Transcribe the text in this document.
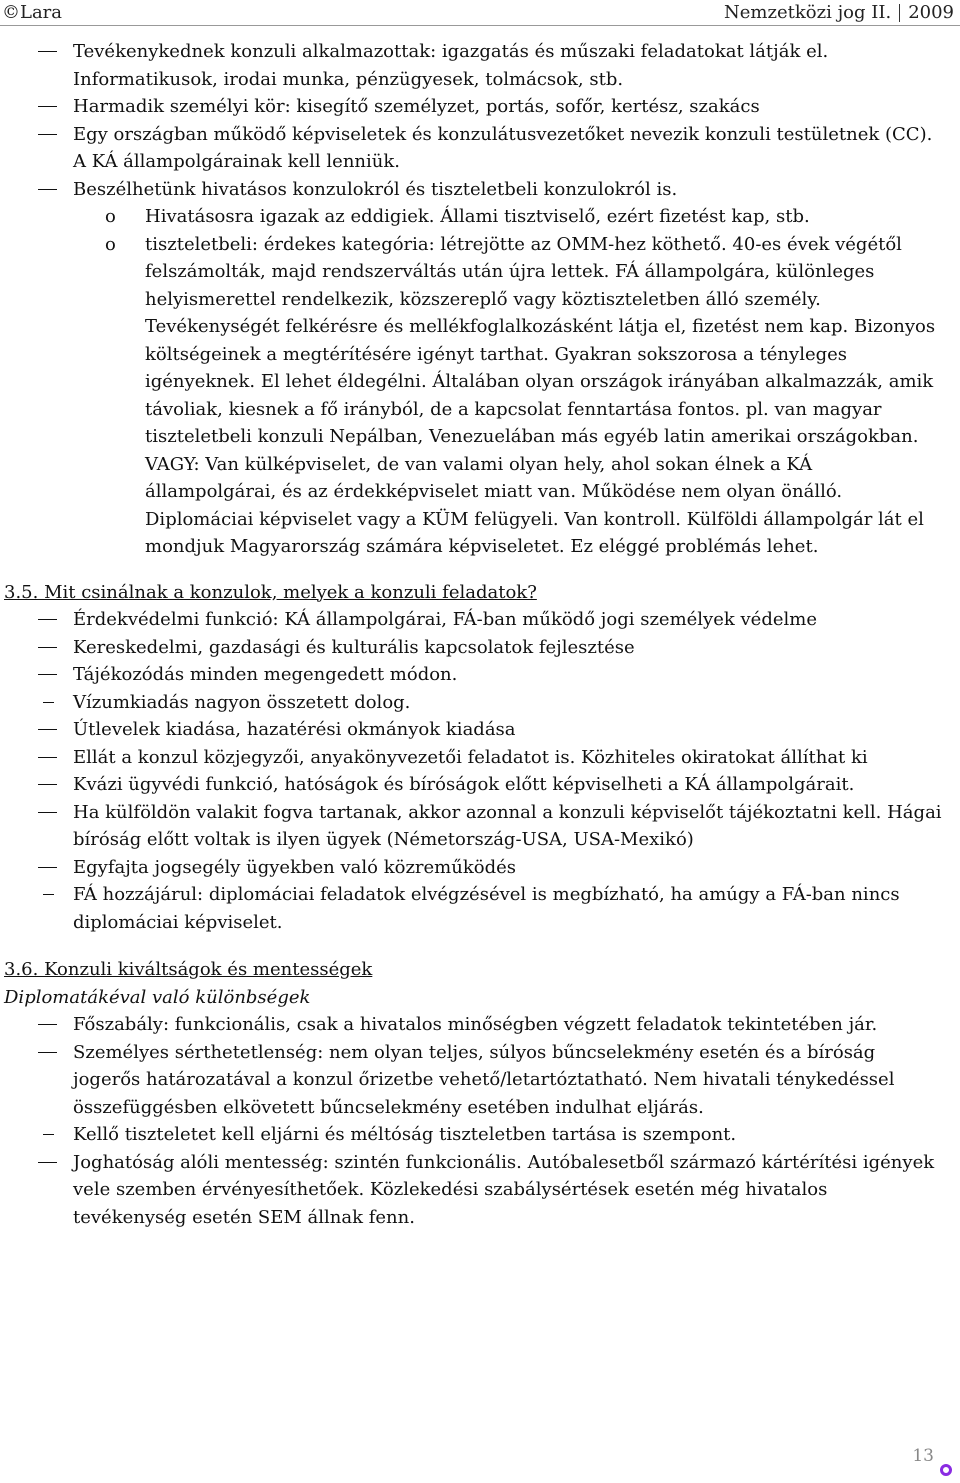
©Lara	Nemzetközi jog II. 2009
Tevékenykednek konzuli alkalmazottak: igazgatás és műszaki feladatokat látják el. Informatikusok, irodai munka, pénzügyesek, tolmácsok, stb.
Harmadik személyi kör: kisegítő személyzet, portás, sofőr, kertész, szakács
Egy országban működő képviseletek és konzulátusvezetőket nevezik konzuli testületnek (CC). A KÁ állampolgárainak kell lenniük.
Beszélhetünk hivatásos konzulokról és tiszteletbeli konzulokról is.
o Hivatásosra igazak az eddigiek. Állami tisztviselő, ezért fizetést kap, stb.
o tiszteletbeli: érdekes kategória: létrejötte az OMM-hez köthető. 40-es évek végétől felszámolták, majd rendszerváltás után újra lettek. FÁ állampolgára, különleges helyismerettel rendelkezik, közszereplő vagy köztiszteletben álló személy. Tevékenységét felkérésre és mellékfoglalkozásként látja el, fizetést nem kap. Bizonyos költségeinek a megtérítésére igényt tarthat. Gyakran sokszorosa a tényleges igényeknek. El lehet éldegélni. Általában olyan országok irányában alkalmazzák, amik távoliak, kiesnek a fő irányból, de a kapcsolat fenntartása fontos. pl. van magyar tiszteletbeli konzuli Nepálban, Venezuelában más egyéb latin amerikai országokban. VAGY: Van külképviselet, de van valami olyan hely, ahol sokan élnek a KÁ állampolgárai, és az érdekképviselet miatt van. Működése nem olyan önálló. Diplomáciai képviselet vagy a KÜM felügyeli. Van kontroll. Külföldi állampolgár lát el mondjuk Magyarország számára képviseletet. Ez eléggé problémás lehet.
3.5. Mit csinálnak a konzulok, melyek a konzuli feladatok?
Érdekvédelmi funkció: KÁ állampolgárai, FÁ-ban működő jogi személyek védelme
Kereskedelmi, gazdasági és kulturális kapcsolatok fejlesztése
Tájékozódás minden megengedett módon.
Vízumkiadás nagyon összetett dolog.
Útlevelek kiadása, hazatérési okmányok kiadása
Ellát a konzul közjegyzői, anyakönyvezetői feladatot is. Közhiteles okiratokat állíthat ki
Kvázi ügyvédi funkció, hatóságok és bíróságok előtt képviselheti a KÁ állampolgárait.
Ha külföldön valakit fogva tartanak, akkor azonnal a konzuli képviselőt tájékoztatni kell. Hágai bíróság előtt voltak is ilyen ügyek (Németország-USA, USA-Mexikó)
Egyfajta jogsegély ügyekben való közreműködés
FÁ hozzájárul: diplomáciai feladatok elvégzésével is megbízható, ha amúgy a FÁ-ban nincs diplomáciai képviselet.
3.6. Konzuli kiváltságok és mentességek
Diplomatákéval való különbségek
Főszabály: funkcionális, csak a hivatalos minőségben végzett feladatok tekintetében jár.
Személyes sérthetetlenség: nem olyan teljes, súlyos bűncselekmény esetén és a bíróság jogerős határozatával a konzul őrizetbe vehető/letartóztatható. Nem hivatali ténykedéssel összefüggésben elkövetett bűncselekmény esetében indulhat eljárás.
Kellő tiszteletet kell eljárni és méltóság tiszteletben tartása is szempont.
Joghatóság alóli mentesség: szintén funkcionális. Autóbalesetből származó kártérítési igények vele szemben érvényesíthetőek. Közlekedési szabálysértések esetén még hivatalos tevékenység esetén SEM állnak fenn.
13
